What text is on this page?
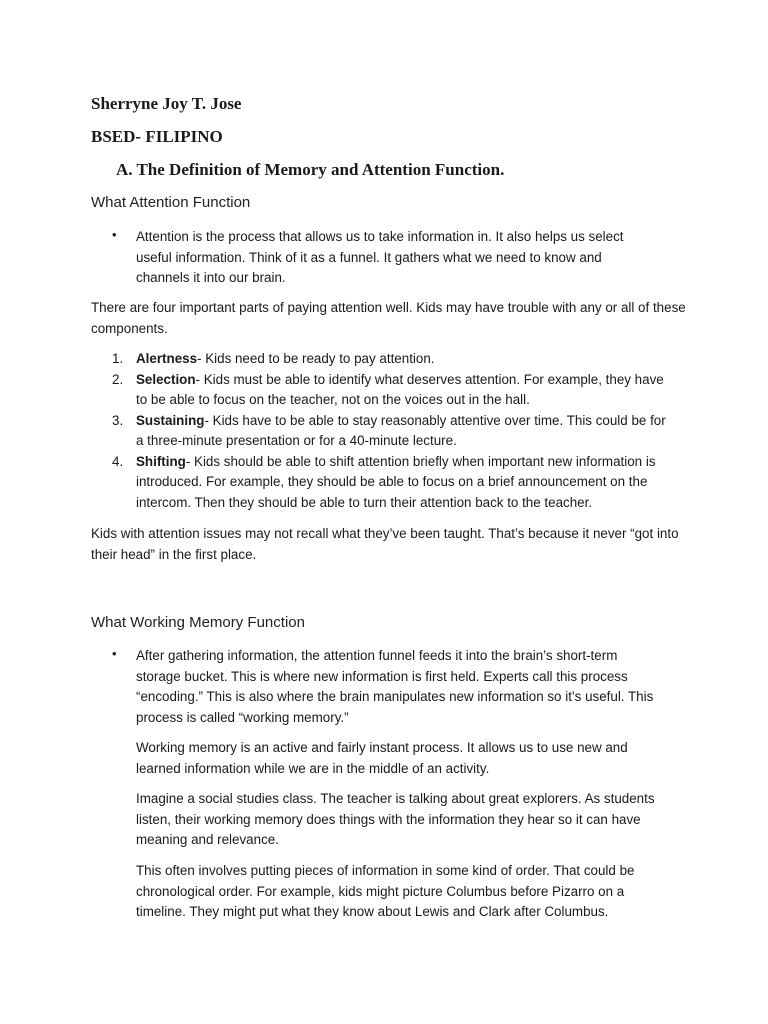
Sherryne Joy T. Jose
BSED- FILIPINO
A. The Definition of Memory and Attention Function.
What Attention Function
• Attention is the process that allows us to take information in. It also helps us select useful information. Think of it as a funnel. It gathers what we need to know and channels it into our brain.
There are four important parts of paying attention well. Kids may have trouble with any or all of these components.
1. Alertness- Kids need to be ready to pay attention.
2. Selection- Kids must be able to identify what deserves attention. For example, they have to be able to focus on the teacher, not on the voices out in the hall.
3. Sustaining- Kids have to be able to stay reasonably attentive over time. This could be for a three-minute presentation or for a 40-minute lecture.
4. Shifting- Kids should be able to shift attention briefly when important new information is introduced. For example, they should be able to focus on a brief announcement on the intercom. Then they should be able to turn their attention back to the teacher.
Kids with attention issues may not recall what they’ve been taught. That’s because it never “got into their head” in the first place.
What Working Memory Function
• After gathering information, the attention funnel feeds it into the brain’s short-term storage bucket. This is where new information is first held. Experts call this process “encoding.” This is also where the brain manipulates new information so it’s useful. This process is called “working memory.”
Working memory is an active and fairly instant process. It allows us to use new and learned information while we are in the middle of an activity.
Imagine a social studies class. The teacher is talking about great explorers. As students listen, their working memory does things with the information they hear so it can have meaning and relevance.
This often involves putting pieces of information in some kind of order. That could be chronological order. For example, kids might picture Columbus before Pizarro on a timeline. They might put what they know about Lewis and Clark after Columbus.
